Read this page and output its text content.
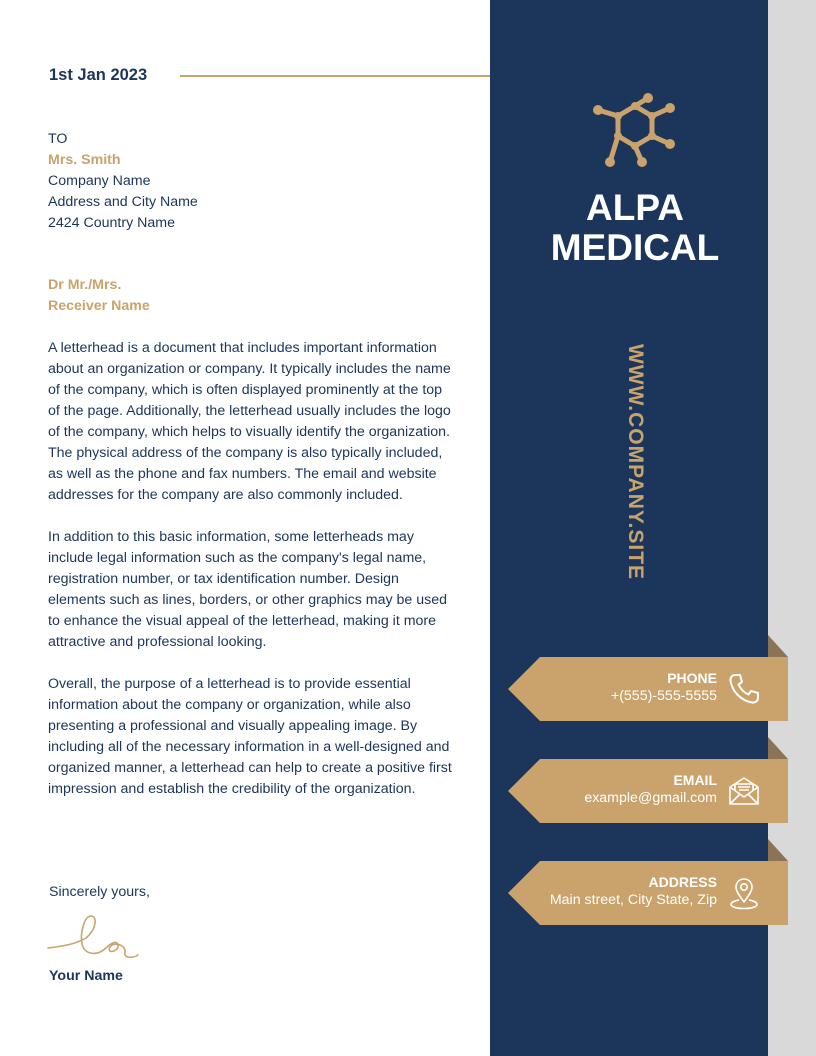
1st Jan 2023
TO
Mrs. Smith
Company Name
Address and City Name
2424 Country Name
Dr Mr./Mrs.
Receiver Name

A letterhead is a document that includes important information about an organization or company. It typically includes the name of the company, which is often displayed prominently at the top of the page. Additionally, the letterhead usually includes the logo of the company, which helps to visually identify the organization. The physical address of the company is also typically included, as well as the phone and fax numbers. The email and website addresses for the company are also commonly included.

In addition to this basic information, some letterheads may include legal information such as the company's legal name, registration number, or tax identification number. Design elements such as lines, borders, or other graphics may be used to enhance the visual appeal of the letterhead, making it more attractive and professional looking.

Overall, the purpose of a letterhead is to provide essential information about the company or organization, while also presenting a professional and visually appealing image. By including all of the necessary information in a well-designed and organized manner, a letterhead can help to create a positive first impression and establish the credibility of the organization.

Sincerely yours,
Your Name
ALPA
MEDICAL
WWW.COMPANY.SITE
PHONE
+(555)-555-5555
EMAIL
example@gmail.com
ADDRESS
Main street, City State, Zip
